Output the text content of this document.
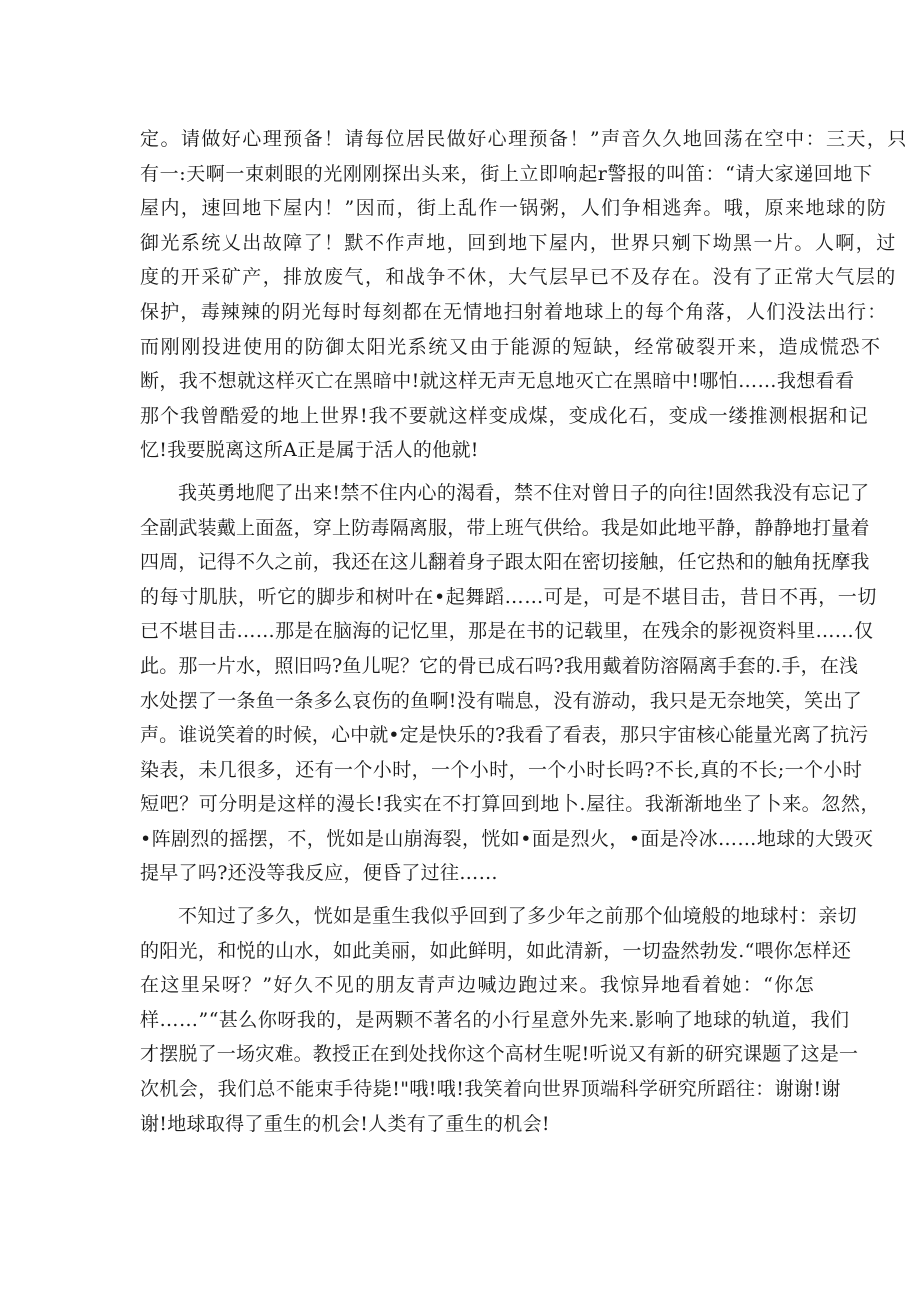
定。请做好心理预备！请每位居民做好心理预备！”声音久久地回荡在空中：三天，只
有一:天啊一束刺眼的光刚刚探出头来，街上立即响起r警报的叫笛：“请大家递回地下
屋内，速回地下屋内！”因而，街上乱作一锅粥，人们争相逃奔。哦，原来地球的防
御光系统乂出故障了！默不作声地，回到地下屋内，世界只剜下坳黑一片。人啊，过
度的开采矿产，排放废气，和战争不休，大气层早已不及存在。没有了正常大气层的
保护，毒辣辣的阴光每时每刻都在无情地扫射着地球上的每个角落，人们没法出行：
而刚刚投进使用的防御太阳光系统又由于能源的短缺，经常破裂开来，造成慌恐不
断，我不想就这样灭亡在黑暗中!就这样无声无息地灭亡在黑暗中!哪怕……我想看看
那个我曾酷爱的地上世界!我不要就这样变成煤，变成化石，变成一缕推测根据和记
忆!我要脱离这所A正是属于活人的他就!
我英勇地爬了出来!禁不住内心的渴看，禁不住对曾日子的向往!固然我没有忘记了
全副武装戴上面盔，穿上防毒隔离服，带上班气供给。我是如此地平静，静静地打量着
四周，记得不久之前，我还在这儿翻着身子跟太阳在密切接触，任它热和的触角抚摩我
的每寸肌肤，听它的脚步和树叶在•起舞蹈……可是，可是不堪目击，昔日不再，一切
已不堪目击……那是在脑海的记忆里，那是在书的记载里，在残余的影视资料里……仅
此。那一片水，照旧吗?鱼儿呢？它的骨已成石吗?我用戴着防溶隔离手套的.手，在浅
水处摆了一条鱼一条多么哀伤的鱼啊!没有喘息，没有游动，我只是无奈地笑，笑出了
声。谁说笑着的时候，心中就•定是快乐的?我看了看表，那只宇宙核心能量光离了抗污
染表，未几很多，还有一个小时，一个小时，一个小时长吗?不长,真的不长;一个小时
短吧？可分明是这样的漫长!我实在不打算回到地卜.屋往。我渐渐地坐了卜来。忽然，
•阵剧烈的摇摆，不，恍如是山崩海裂，恍如•面是烈火，•面是冷冰……地球的大毁灭
提早了吗?还没等我反应，便昏了过往……
不知过了多久，恍如是重生我似乎回到了多少年之前那个仙境般的地球村：亲切
的阳光，和悦的山水，如此美丽，如此鲜明，如此清新，一切盎然勃发.“喂你怎样还
在这里呆呀？”好久不见的朋友青声边喊边跑过来。我惊异地看着她：“你怎
样……”“甚么你呀我的，是两颗不著名的小行星意外先来.影响了地球的轨道，我们
才摆脱了一场灾难。教授正在到处找你这个高材生呢!听说又有新的研究课题了这是一
次机会，我们总不能束手待毙!"哦!哦!我笑着向世界顶端科学研究所蹈往：谢谢!谢
谢!地球取得了重生的机会!人类有了重生的机会!
